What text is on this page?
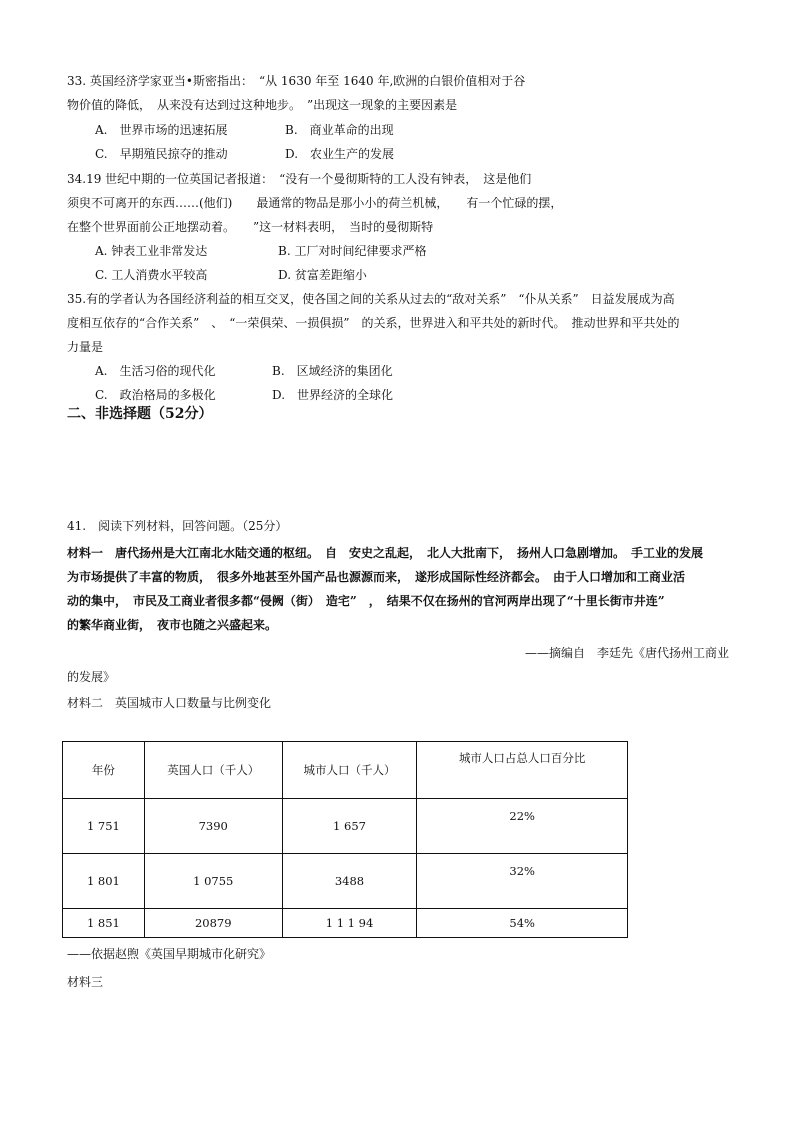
33. 英国经济学家亚当•斯密指出：　“从 1630 年至 1640 年,欧洲的白银价值相对于谷
物价值的降低，　从来没有达到过这种地步。　”出现这一现象的主要因素是
A.　世界市场的迅速拓展	B.　商业革命的出现
C.　早期殖民掠夺的推动	D.　农业生产的发展
34.19 世纪中期的一位英国记者报道：　“没有一个曼彻斯特的工人没有钟表，　这是他们
须臾不可离开的东西……(他们)　　最通常的物品是那小小的荷兰机械，　　有一个忙碌的摆，
在整个世界面前公正地摆动着。　　”这一材料表明，　当时的曼彻斯特
A. 钟表工业非常发达	B. 工厂对时间纪律要求严格
C. 工人消费水平较高	D. 贫富差距缩小
35.有的学者认为各国经济利益的相互交叉，使各国之间的关系从过去的“敌对关系”　“仆从关系”　日益发展成为高
度相互依存的“合作关系”　、　“一荣俱荣、一损俱损”　的关系，世界进入和平共处的新时代。　推动世界和平共处的
力量是
A.　生活习俗的现代化	B.　区域经济的集团化
C.　政治格局的多极化	D.　世界经济的全球化
二、非选择题（52分）
41.　阅读下列材料，回答问题。（25分）
材料一　唐代扬州是大江南北水陆交通的枢纽。　自　安史之乱起，　北人大批南下，　扬州人口急剧增加。　手工业的发展
为市场提供了丰富的物质，　很多外地甚至外国产品也源源而来，　遂形成国际性经济都会。　由于人口增加和工商业活
动的集中，　市民及工商业者很多都“侵阙（街）　造宅”　，　结果不仅在扬州的官河两岸出现了“十里长街市井连”
的繁华商业街，　夜市也随之兴盛起来。
——摘编自　李廷先《唐代扬州工商业
的发展》
材料二　英国城市人口数量与比例变化
年份	英国人口（千人）	城市人口（千人）	城市人口占总人口百分比

1 751	7390	1 657	22%

1 801	1 0755	3488	32%

1 851	20879	1 1 1 94	54%
——依据赵煦《英国早期城市化研究》
材料三
